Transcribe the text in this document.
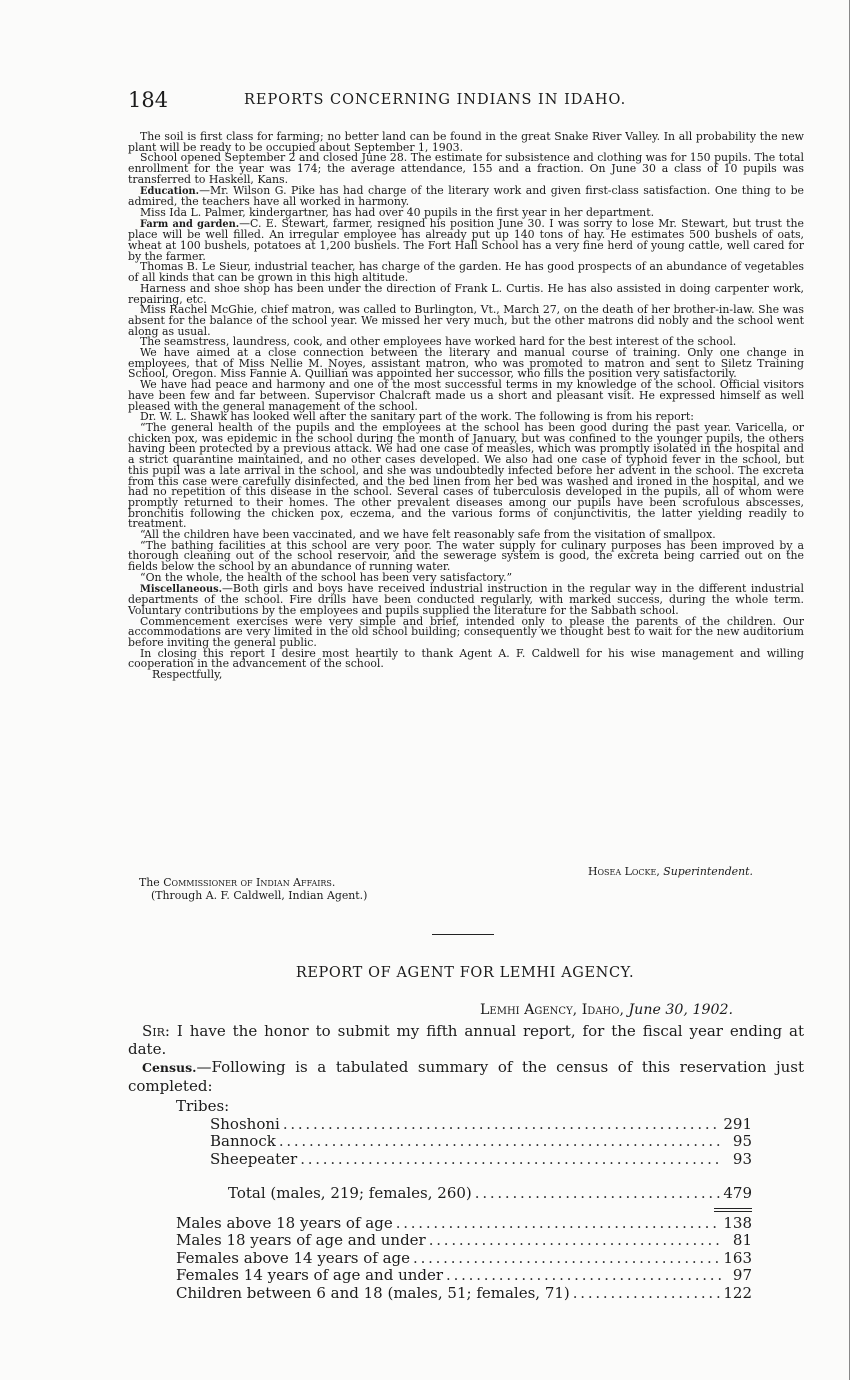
184	REPORTS CONCERNING INDIANS IN IDAHO.

The soil is first class for farming; no better land can be found in the great Snake River Valley. In all probability the new plant will be ready to be occupied about September 1, 1903.

School opened September 2 and closed June 28. The estimate for subsistence and clothing was for 150 pupils. The total enrollment for the year was 174; the average attendance, 155 and a fraction. On June 30 a class of 10 pupils was transferred to Haskell, Kans.

Education.—Mr. Wilson G. Pike has had charge of the literary work and given first-class satisfaction. One thing to be admired, the teachers have all worked in harmony.

Miss Ida L. Palmer, kindergartner, has had over 40 pupils in the first year in her department.

Farm and garden.—C. E. Stewart, farmer, resigned his position June 30. I was sorry to lose Mr. Stewart, but trust the place will be well filled. An irregular employee has already put up 140 tons of hay. He estimates 500 bushels of oats, wheat at 100 bushels, potatoes at 1,200 bushels. The Fort Hall School has a very fine herd of young cattle, well cared for by the farmer.

Thomas B. Le Sieur, industrial teacher, has charge of the garden. He has good prospects of an abundance of vegetables of all kinds that can be grown in this high altitude.

Harness and shoe shop has been under the direction of Frank L. Curtis. He has also assisted in doing carpenter work, repairing, etc.

Miss Rachel McGhie, chief matron, was called to Burlington, Vt., March 27, on the death of her brother-in-law. She was absent for the balance of the school year. We missed her very much, but the other matrons did nobly and the school went along as usual.

The seamstress, laundress, cook, and other employees have worked hard for the best interest of the school.

We have aimed at a close connection between the literary and manual course of training. Only one change in employees, that of Miss Nellie M. Noyes, assistant matron, who was promoted to matron and sent to Siletz Training School, Oregon. Miss Fannie A. Quillian was appointed her successor, who fills the position very satisfactorily.

We have had peace and harmony and one of the most successful terms in my knowledge of the school. Official visitors have been few and far between. Supervisor Chalcraft made us a short and pleasant visit. He expressed himself as well pleased with the general management of the school.

Dr. W. L. Shawk has looked well after the sanitary part of the work. The following is from his report:

“The general health of the pupils and the employees at the school has been good during the past year. Varicella, or chicken pox, was epidemic in the school during the month of January, but was confined to the younger pupils, the others having been protected by a previous attack. We had one case of measles, which was promptly isolated in the hospital and a strict quarantine maintained, and no other cases developed. We also had one case of typhoid fever in the school, but this pupil was a late arrival in the school, and she was undoubtedly infected before her advent in the school. The excreta from this case were carefully disinfected, and the bed linen from her bed was washed and ironed in the hospital, and we had no repetition of this disease in the school. Several cases of tuberculosis developed in the pupils, all of whom were promptly returned to their homes. The other prevalent diseases among our pupils have been scrofulous abscesses, bronchitis following the chicken pox, eczema, and the various forms of conjunctivitis, the latter yielding readily to treatment.

“All the children have been vaccinated, and we have felt reasonably safe from the visitation of smallpox.

“The bathing facilities at this school are very poor. The water supply for culinary purposes has been improved by a thorough cleaning out of the school reservoir, and the sewerage system is good, the excreta being carried out on the fields below the school by an abundance of running water.

“On the whole, the health of the school has been very satisfactory.”

Miscellaneous.—Both girls and boys have received industrial instruction in the regular way in the different industrial departments of the school. Fire drills have been conducted regularly, with marked success, during the whole term. Voluntary contributions by the employees and pupils supplied the literature for the Sabbath school.

Commencement exercises were very simple and brief, intended only to please the parents of the children. Our accommodations are very limited in the old school building; consequently we thought best to wait for the new auditorium before inviting the general public.

In closing this report I desire most heartily to thank Agent A. F. Caldwell for his wise management and willing cooperation in the advancement of the school.

Respectfully,

Hosea Locke, Superintendent.
The Commissioner of Indian Affairs.
(Through A. F. Caldwell, Indian Agent.)
REPORT OF AGENT FOR LEMHI AGENCY.
Lemhi Agency, Idaho, June 30, 1902.

Sir: I have the honor to submit my fifth annual report, for the fiscal year ending at date.

Census.—Following is a tabulated summary of the census of this reservation just completed:

Tribes:
Shoshoni . . .	291
Bannock . . .	95
Sheepeater . . .	93
Total (males, 219; females, 260) . . .	479
Males above 18 years of age . . .	138
Males 18 years of age and under . . .	81
Females above 14 years of age . . .	163
Females 14 years of age and under . . .	97
Children between 6 and 18 (males, 51; females, 71) . . .	122
